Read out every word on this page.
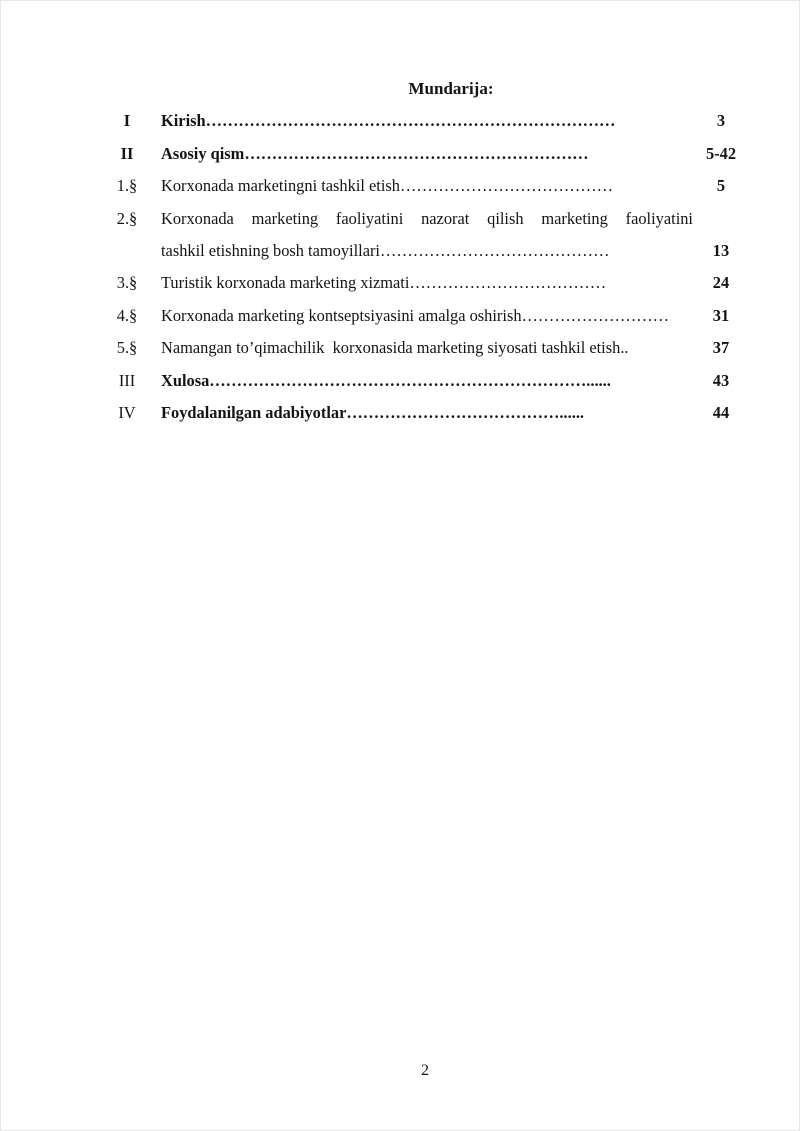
Mundarija:
I	Kirish…………………………………………………………………	3
II	Asosiy qism………………………………………………………	5-42
1.§	Korxonada marketingni tashkil etish…………………………………	5
2.§	Korxonada marketing faoliyatini nazorat qilish marketing faoliyatini
tashkil etishning bosh tamoyillari……………………………………	13
3.§	Turistik korxonada marketing xizmati………………………………	24
4.§	Korxonada marketing kontseptsiyasini amalga oshirish………………………	31
5.§	Namangan to’qimachilik  korxonasida marketing siyosati tashkil etish..	37
III	Xulosa……………………………………………………………......	43
IV	Foydalanilgan adabiyotlar…………………………………......	44
2
